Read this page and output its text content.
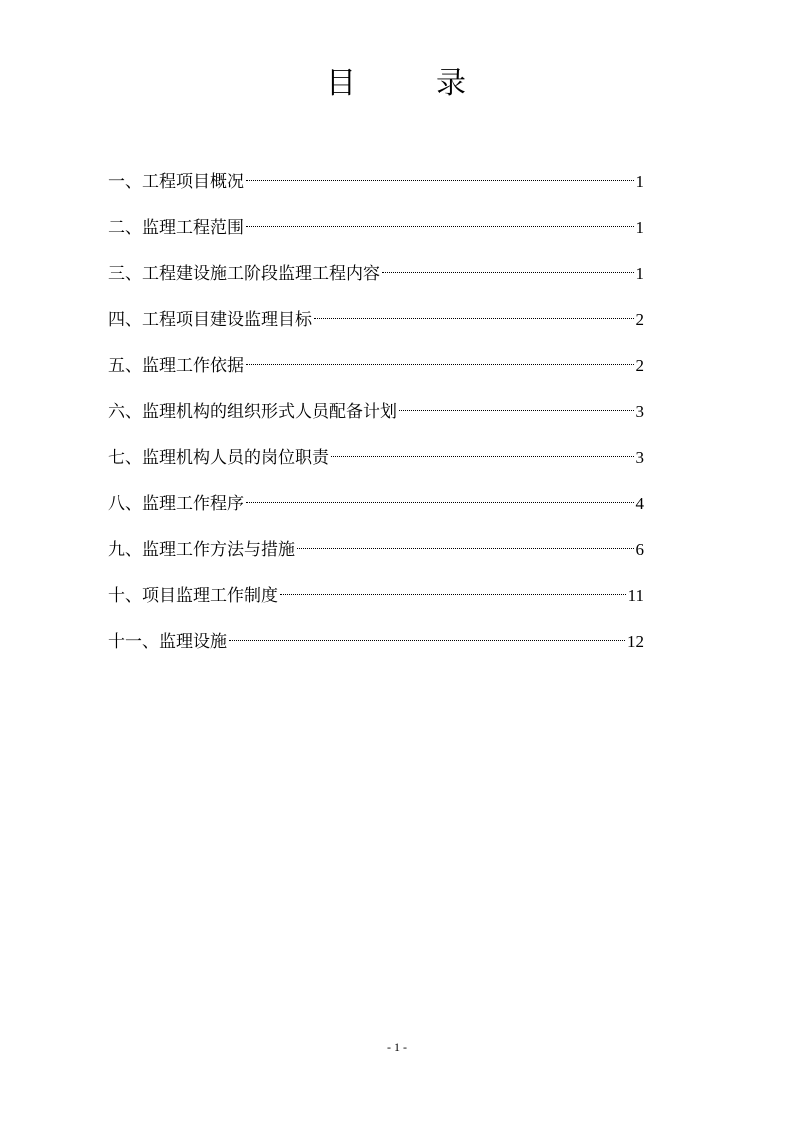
目	录
一、工程项目概况	1
二、监理工程范围	1
三、工程建设施工阶段监理工程内容	1
四、工程项目建设监理目标	2
五、监理工作依据	2
六、监理机构的组织形式人员配备计划	3
七、监理机构人员的岗位职责	3
八、监理工作程序	4
九、监理工作方法与措施	6
十、项目监理工作制度	11
十一、监理设施	12
- 1 -
